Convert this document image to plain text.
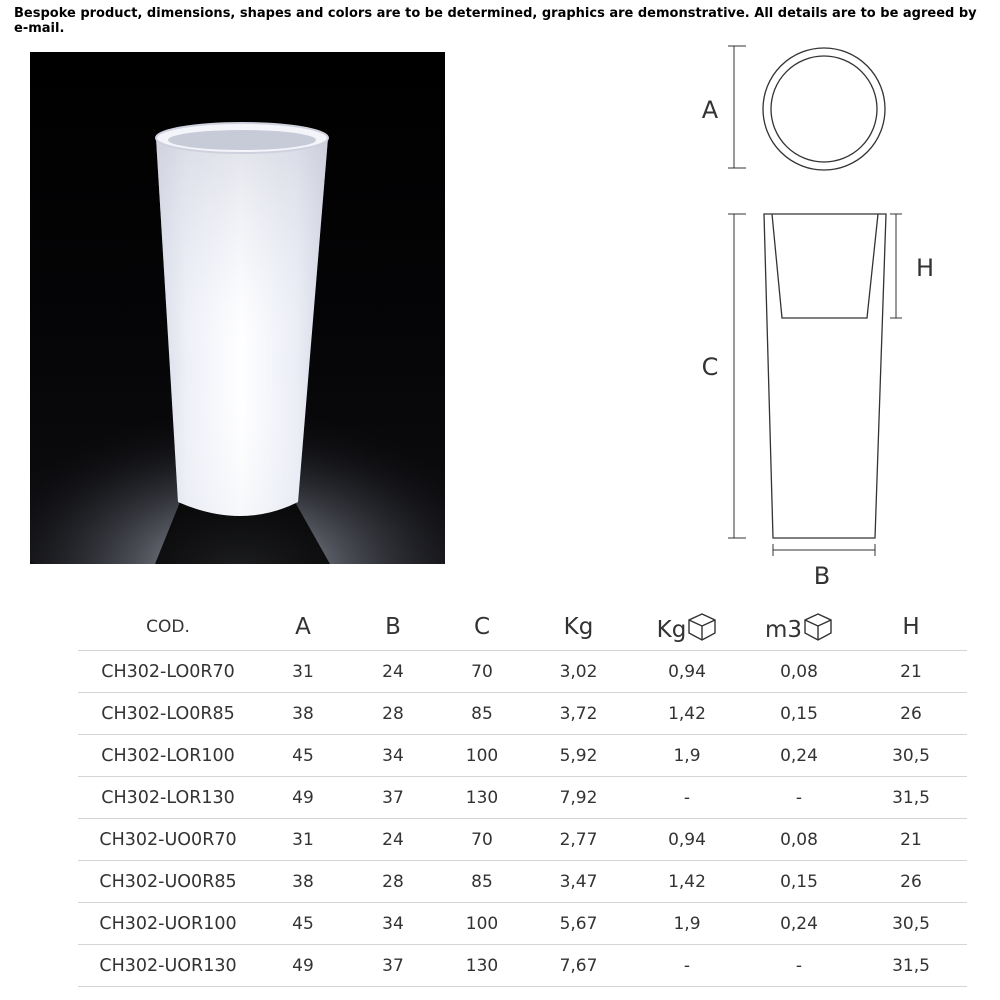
Bespoke product, dimensions, shapes and colors are to be determined, graphics are demonstrative. All details are to be agreed by e-mail.
A
C
H
B
COD.	A	B	C	Kg	Kg	m3	H
CH302-LO0R70	31	24	70	3,02	0,94	0,08	21
CH302-LO0R85	38	28	85	3,72	1,42	0,15	26
CH302-LOR100	45	34	100	5,92	1,9	0,24	30,5
CH302-LOR130	49	37	130	7,92	-	-	31,5
CH302-UO0R70	31	24	70	2,77	0,94	0,08	21
CH302-UO0R85	38	28	85	3,47	1,42	0,15	26
CH302-UOR100	45	34	100	5,67	1,9	0,24	30,5
CH302-UOR130	49	37	130	7,67	-	-	31,5
